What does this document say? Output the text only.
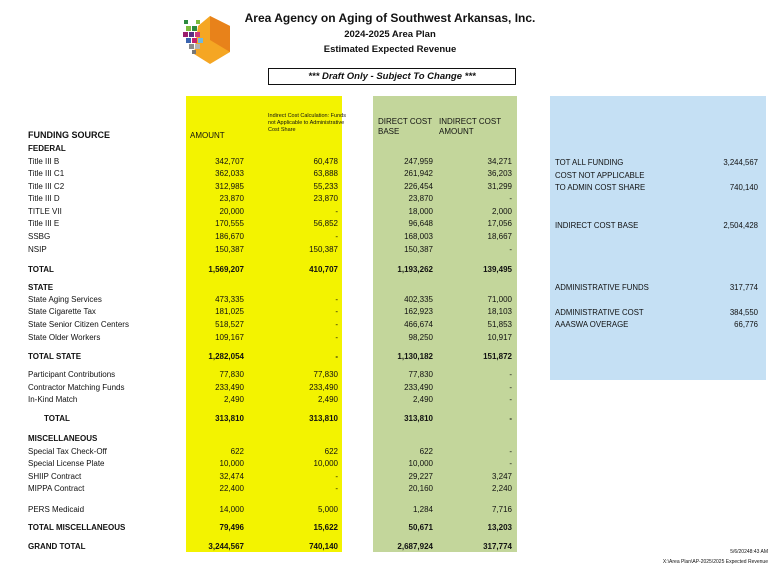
Area Agency on Aging of Southwest Arkansas, Inc.
2024-2025 Area Plan
Estimated Expected Revenue
*** Draft Only - Subject To Change ***
FUNDING SOURCE	AMOUNT
Indirect Cost Calculation: Funds not Applicable to Administrative Cost Share
DIRECT COST BASE
INDIRECT COST AMOUNT
FEDERAL
Title III B	342,707	60,478	247,959	34,271
Title III C1	362,033	63,888	261,942	36,203
Title III C2	312,985	55,233	226,454	31,299
Title III D	23,870	23,870	23,870	-
TITLE VII	20,000	-	18,000	2,000
Title III E	170,555	56,852	96,648	17,056
SSBG	186,670	-	168,003	18,667
NSIP	150,387	150,387	150,387	-
TOTAL	1,569,207	410,707	1,193,262	139,495
STATE
State Aging Services	473,335	-	402,335	71,000
State Cigarette Tax	181,025	-	162,923	18,103
State Senior Citizen Centers	518,527	-	466,674	51,853
State Older Workers	109,167	-	98,250	10,917
TOTAL STATE	1,282,054	-	1,130,182	151,872
Participant Contributions	77,830	77,830	77,830	-
Contractor Matching Funds	233,490	233,490	233,490	-
In-Kind Match	2,490	2,490	2,490	-
TOTAL	313,810	313,810	313,810	-
MISCELLANEOUS
Special Tax Check-Off	622	622	622	-
Special License Plate	10,000	10,000	10,000	-
SHIIP Contract	32,474	-	29,227	3,247
MIPPA Contract	22,400	-	20,160	2,240
PERS Medicaid	14,000	5,000	1,284	7,716
TOTAL MISCELLANEOUS	79,496	15,622	50,671	13,203
GRAND TOTAL	3,244,567	740,140	2,687,924	317,774
TOT ALL FUNDING	3,244,567
COST NOT APPLICABLE
TO ADMIN COST SHARE	740,140
INDIRECT COST BASE	2,504,428
ADMINISTRATIVE FUNDS	317,774
ADMINISTRATIVE COST	384,550
AAASWA OVERAGE	66,776
5/6/20248:43 AM
X:\Area Plan\AP-2025\2025 Expected Revenue
